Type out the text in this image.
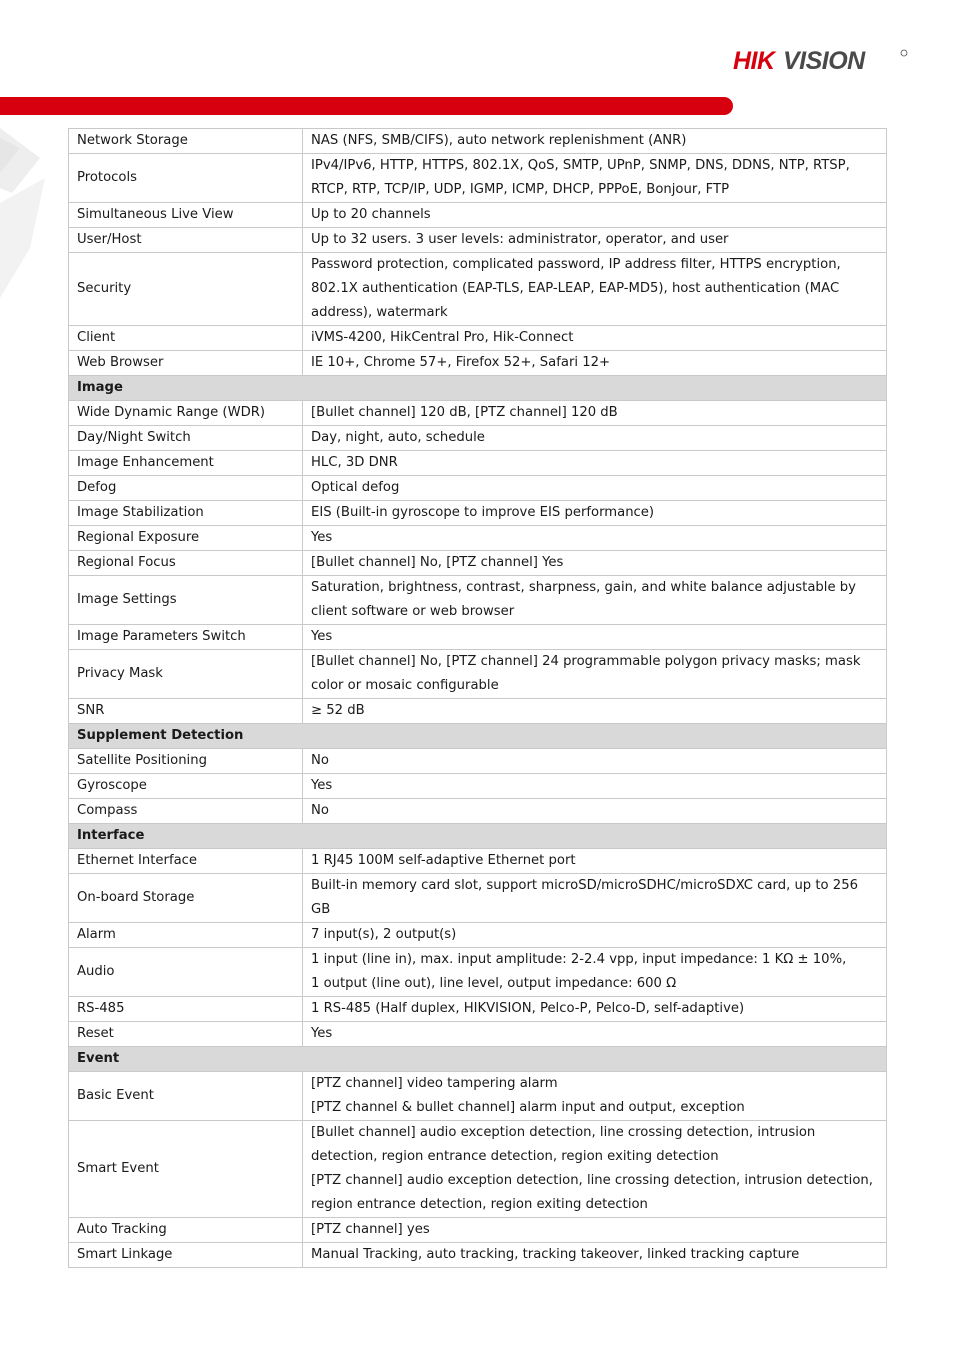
HIK VISION
Network Storage	NAS (NFS, SMB/CIFS), auto network replenishment (ANR)

Protocols	IPv4/IPv6, HTTP, HTTPS, 802.1X, QoS, SMTP, UPnP, SNMP, DNS, DDNS, NTP, RTSP, RTCP, RTP, TCP/IP, UDP, IGMP, ICMP, DHCP, PPPoE, Bonjour, FTP

Simultaneous Live View	Up to 20 channels

User/Host	Up to 32 users. 3 user levels: administrator, operator, and user

Security	Password protection, complicated password, IP address filter, HTTPS encryption, 802.1X authentication (EAP-TLS, EAP-LEAP, EAP-MD5), host authentication (MAC address), watermark

Client	iVMS-4200, HikCentral Pro, Hik-Connect

Web Browser	IE 10+, Chrome 57+, Firefox 52+, Safari 12+

Image	
Wide Dynamic Range (WDR)	[Bullet channel] 120 dB, [PTZ channel] 120 dB

Day/Night Switch	Day, night, auto, schedule

Image Enhancement	HLC, 3D DNR

Defog	Optical defog

Image Stabilization	EIS (Built-in gyroscope to improve EIS performance)

Regional Exposure	Yes

Regional Focus	[Bullet channel] No, [PTZ channel] Yes

Image Settings	Saturation, brightness, contrast, sharpness, gain, and white balance adjustable by client software or web browser

Image Parameters Switch	Yes

Privacy Mask	[Bullet channel] No, [PTZ channel] 24 programmable polygon privacy masks; mask color or mosaic configurable

SNR	≥ 52 dB

Supplement Detection	
Satellite Positioning	No

Gyroscope	Yes

Compass	No

Interface	
Ethernet Interface	1 RJ45 100M self-adaptive Ethernet port

On-board Storage	Built-in memory card slot, support microSD/microSDHC/microSDXC card, up to 256 GB

Alarm	7 input(s), 2 output(s)

Audio	1 input (line in), max. input amplitude: 2-2.4 vpp, input impedance: 1 KΩ ± 10%,
1 output (line out), line level, output impedance: 600 Ω

RS-485	1 RS-485 (Half duplex, HIKVISION, Pelco-P, Pelco-D, self-adaptive)

Reset	Yes

Event	
Basic Event	[PTZ channel] video tampering alarm
[PTZ channel & bullet channel] alarm input and output, exception

Smart Event	[Bullet channel] audio exception detection, line crossing detection, intrusion detection, region entrance detection, region exiting detection
[PTZ channel] audio exception detection, line crossing detection, intrusion detection, region entrance detection, region exiting detection

Auto Tracking	[PTZ channel] yes

Smart Linkage	Manual Tracking, auto tracking, tracking takeover, linked tracking capture
